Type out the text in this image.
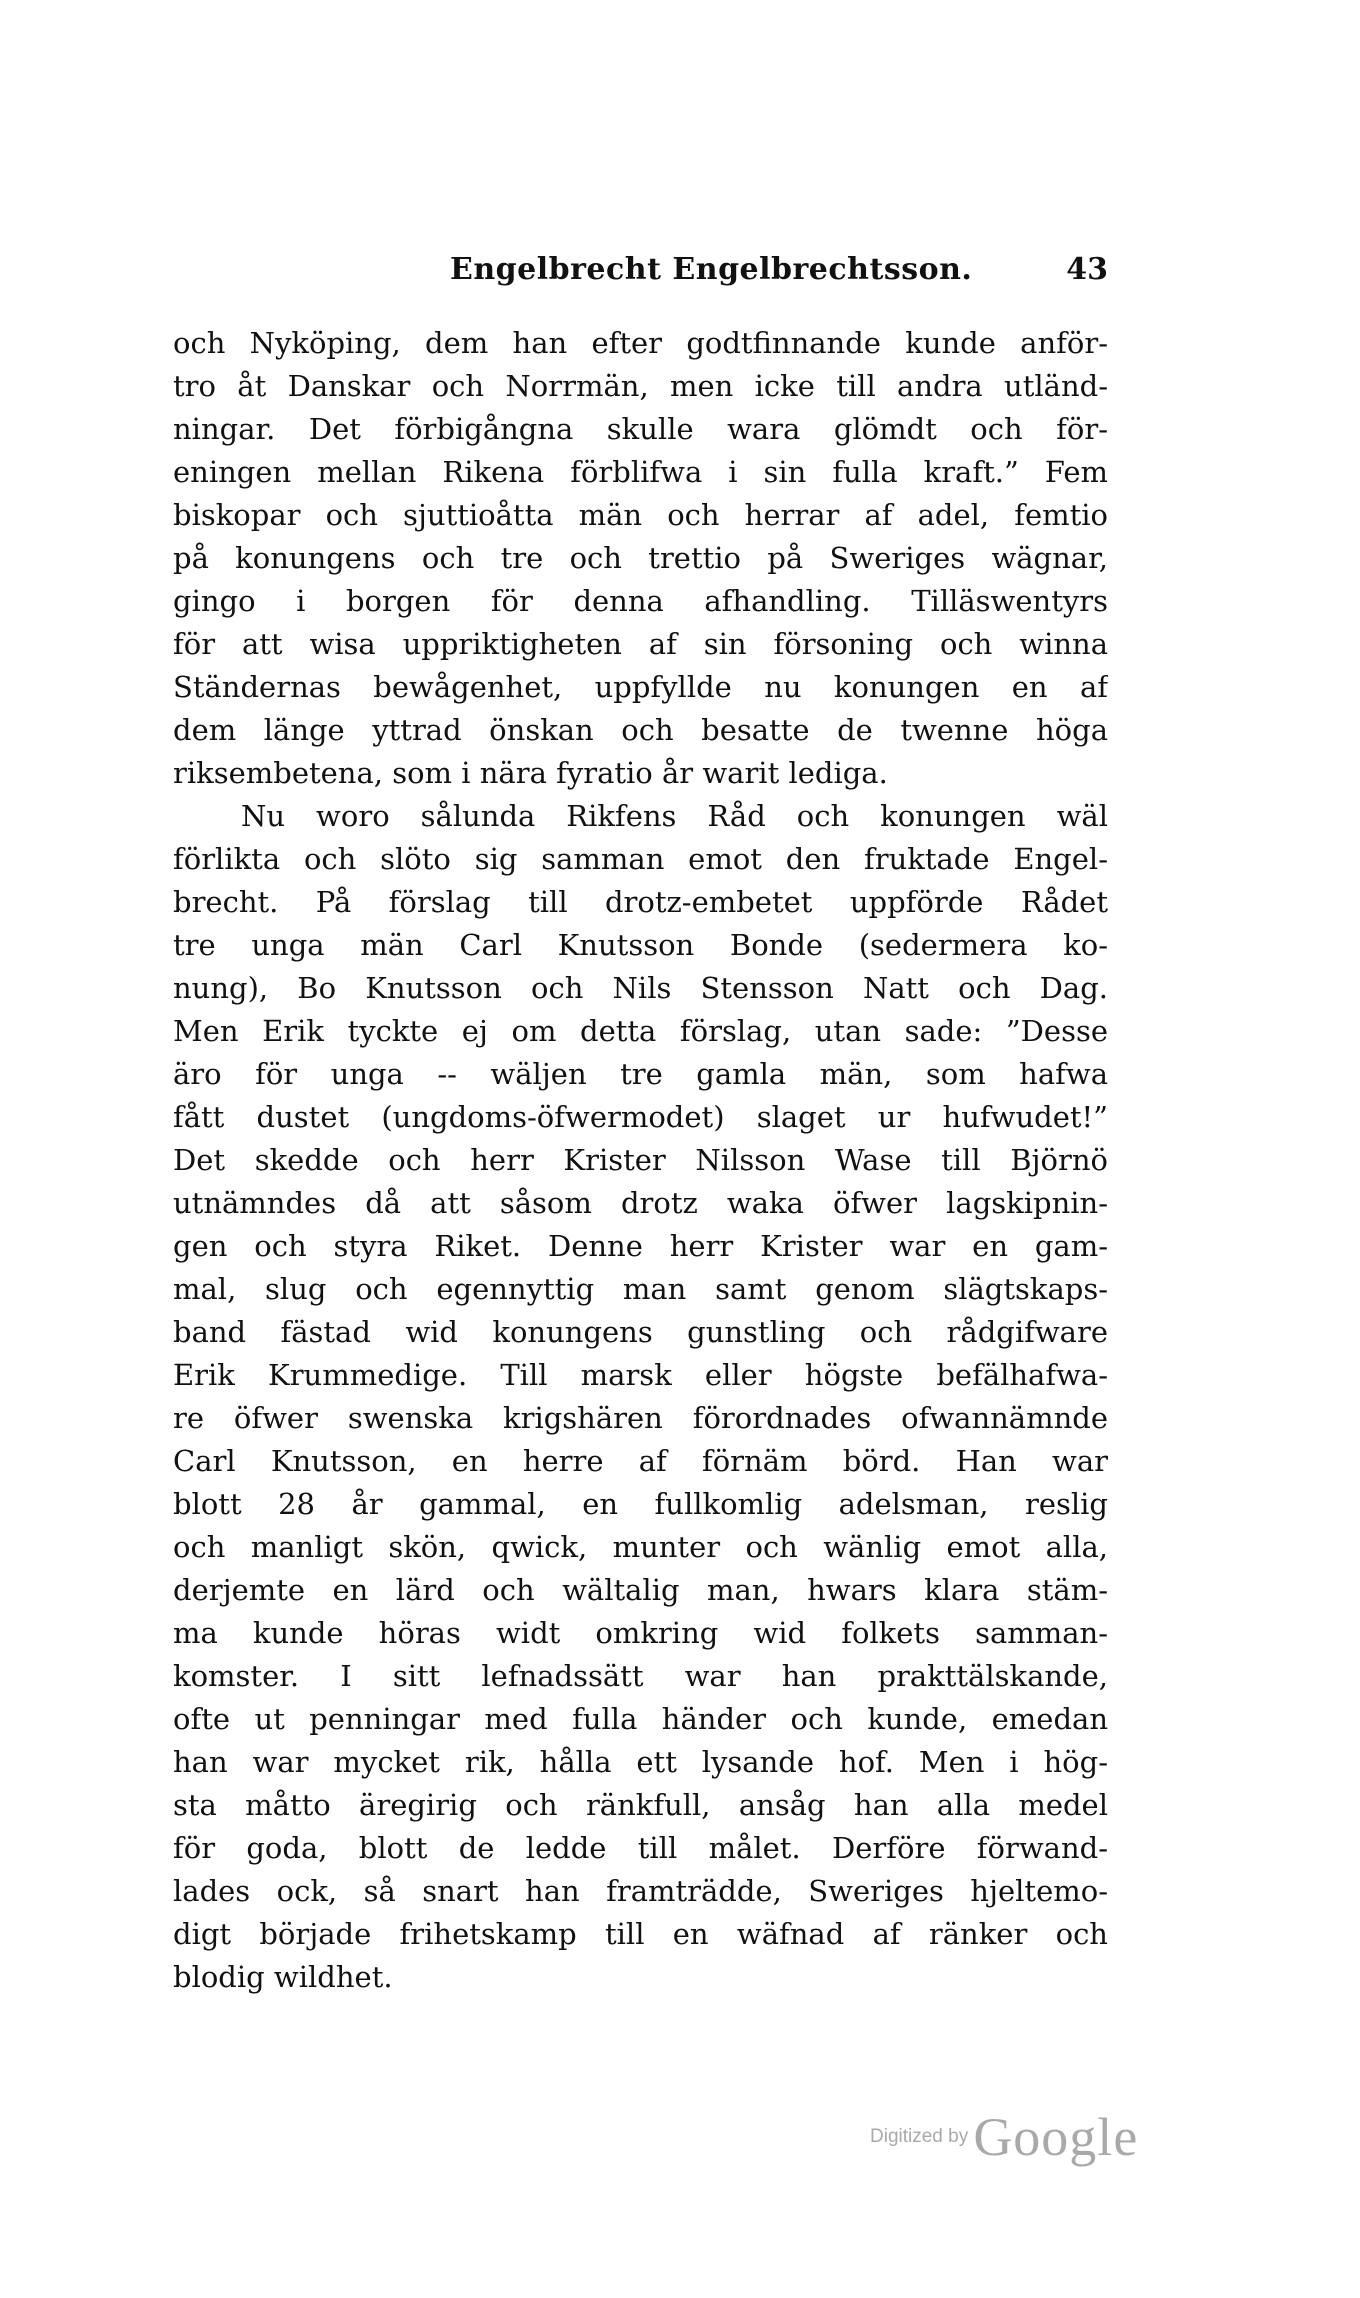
Engelbrecht Engelbrechtsson.	43
och Nyköping, dem han efter godtfinnande kunde anför-
tro åt Danskar och Norrmän, men icke till andra utländ-
ningar. Det förbigångna skulle wara glömdt och för-
eningen mellan Rikena förblifwa i sin fulla kraft.” Fem
biskopar och sjuttioåtta män och herrar af adel, femtio
på konungens och tre och trettio på Sweriges wägnar,
gingo i borgen för denna afhandling. Tilläswentyrs
för att wisa uppriktigheten af sin försoning och winna
Ständernas bewågenhet, uppfyllde nu konungen en af
dem länge yttrad önskan och besatte de twenne höga
riksembetena, som i nära fyratio år warit lediga.
Nu woro sålunda Rikfens Råd och konungen wäl
förlikta och slöto sig samman emot den fruktade Engel-
brecht. På förslag till drotz-embetet uppförde Rådet
tre unga män Carl Knutsson Bonde (sedermera ko-
nung), Bo Knutsson och Nils Stensson Natt och Dag.
Men Erik tyckte ej om detta förslag, utan sade: ”Desse
äro för unga -- wäljen tre gamla män, som hafwa
fått dustet (ungdoms-öfwermodet) slaget ur hufwudet!”
Det skedde och herr Krister Nilsson Wase till Björnö
utnämndes då att såsom drotz waka öfwer lagskipnin-
gen och styra Riket. Denne herr Krister war en gam-
mal, slug och egennyttig man samt genom slägtskaps-
band fästad wid konungens gunstling och rådgifware
Erik Krummedige. Till marsk eller högste befälhafwa-
re öfwer swenska krigshären förordnades ofwannämnde
Carl Knutsson, en herre af förnäm börd. Han war
blott 28 år gammal, en fullkomlig adelsman, reslig
och manligt skön, qwick, munter och wänlig emot alla,
derjemte en lärd och wältalig man, hwars klara stäm-
ma kunde höras widt omkring wid folkets samman-
komster. I sitt lefnadssätt war han prakttälskande,
ofte ut penningar med fulla händer och kunde, emedan
han war mycket rik, hålla ett lysande hof. Men i hög-
sta måtto äregirig och ränkfull, ansåg han alla medel
för goda, blott de ledde till målet. Derföre förwand-
lades ock, så snart han framträdde, Sweriges hjeltemo-
digt började frihetskamp till en wäfnad af ränker och
blodig wildhet.
Digitized by Google
